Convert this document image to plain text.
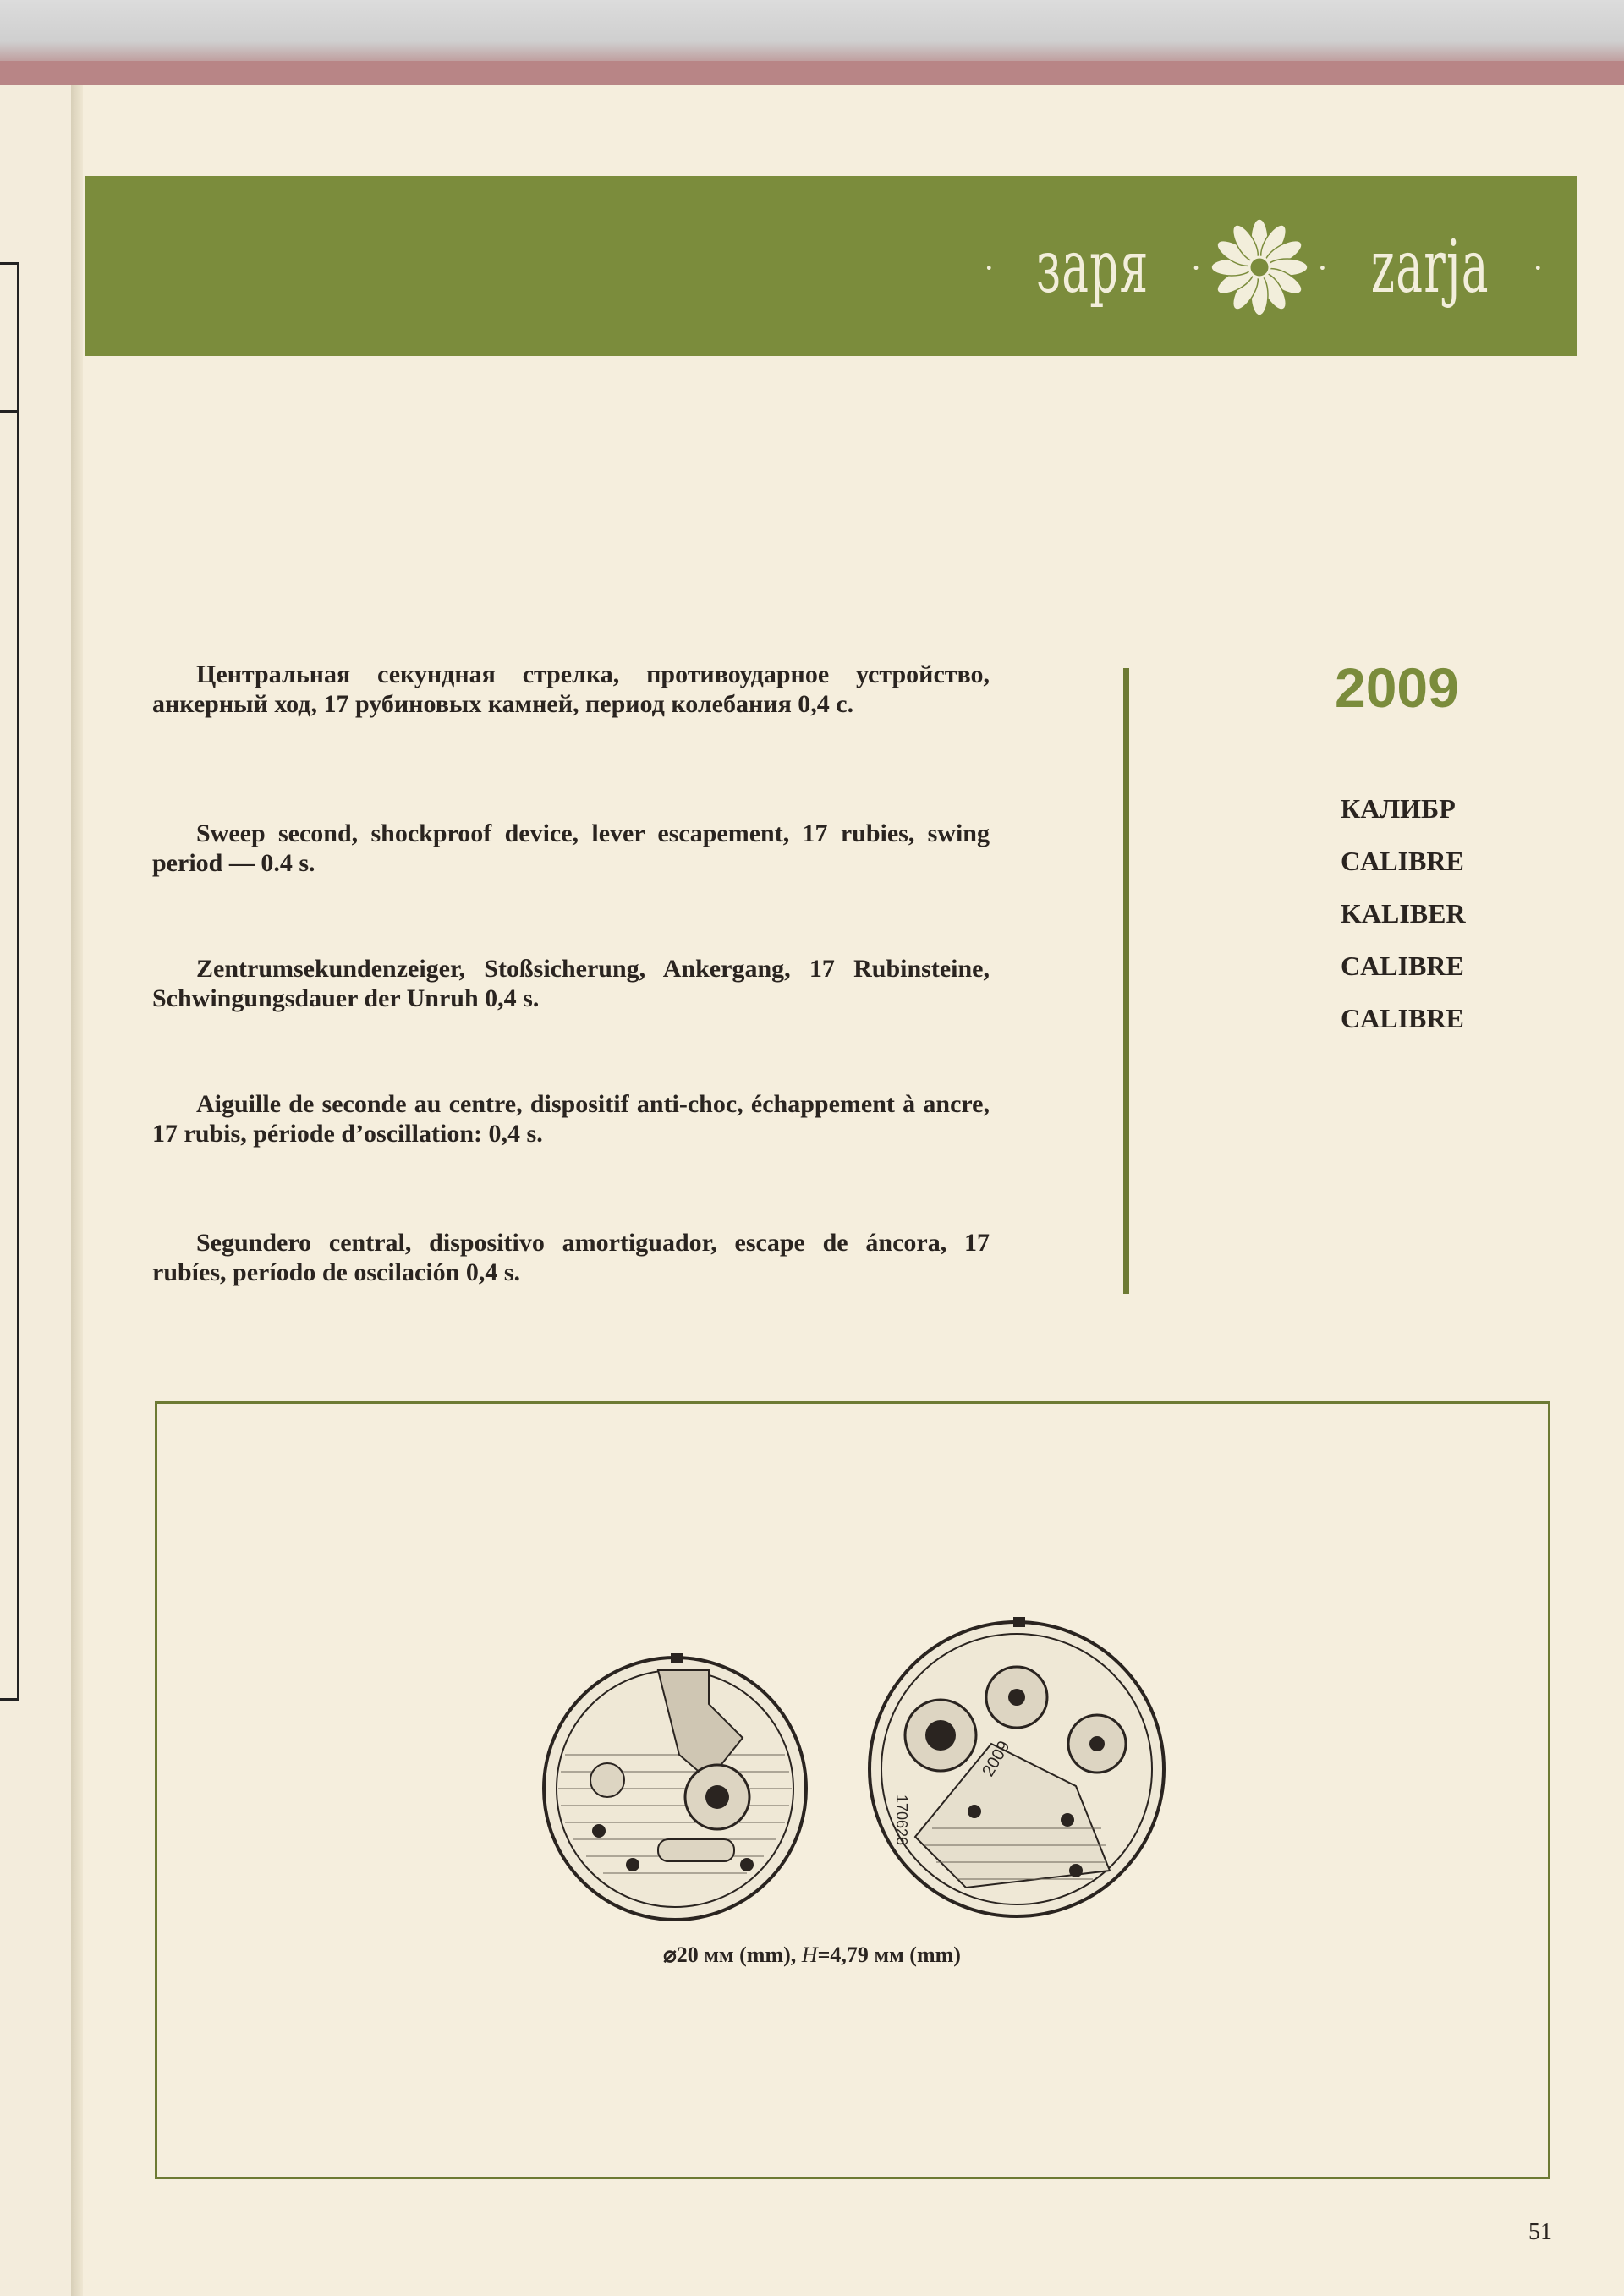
· заря ·	· zarja ·

Центральная секундная стрелка, противоударное устройство, анкерный ход, 17 рубиновых камней, период колебания 0,4 с.

Sweep second, shockproof device, lever escapement, 17 rubies, swing period — 0.4 s.

Zentrumsekundenzeiger, Stoßsicherung, Ankergang, 17 Rubinsteine, Schwingungsdauer der Unruh 0,4 s.

Aiguille de seconde au centre, dispositif anti-choc, échappement à ancre, 17 rubis, période d’oscillation: 0,4 s.

Segundero central, dispositivo amortiguador, escape de áncora, 17 rubíes, período de oscilación 0,4 s.

2009
КАЛИБР
CALIBRE
KALIBER
CALIBRE
CALIBRE
2009
170626
⌀20 мм (mm), H=4,79 мм (mm)
51
